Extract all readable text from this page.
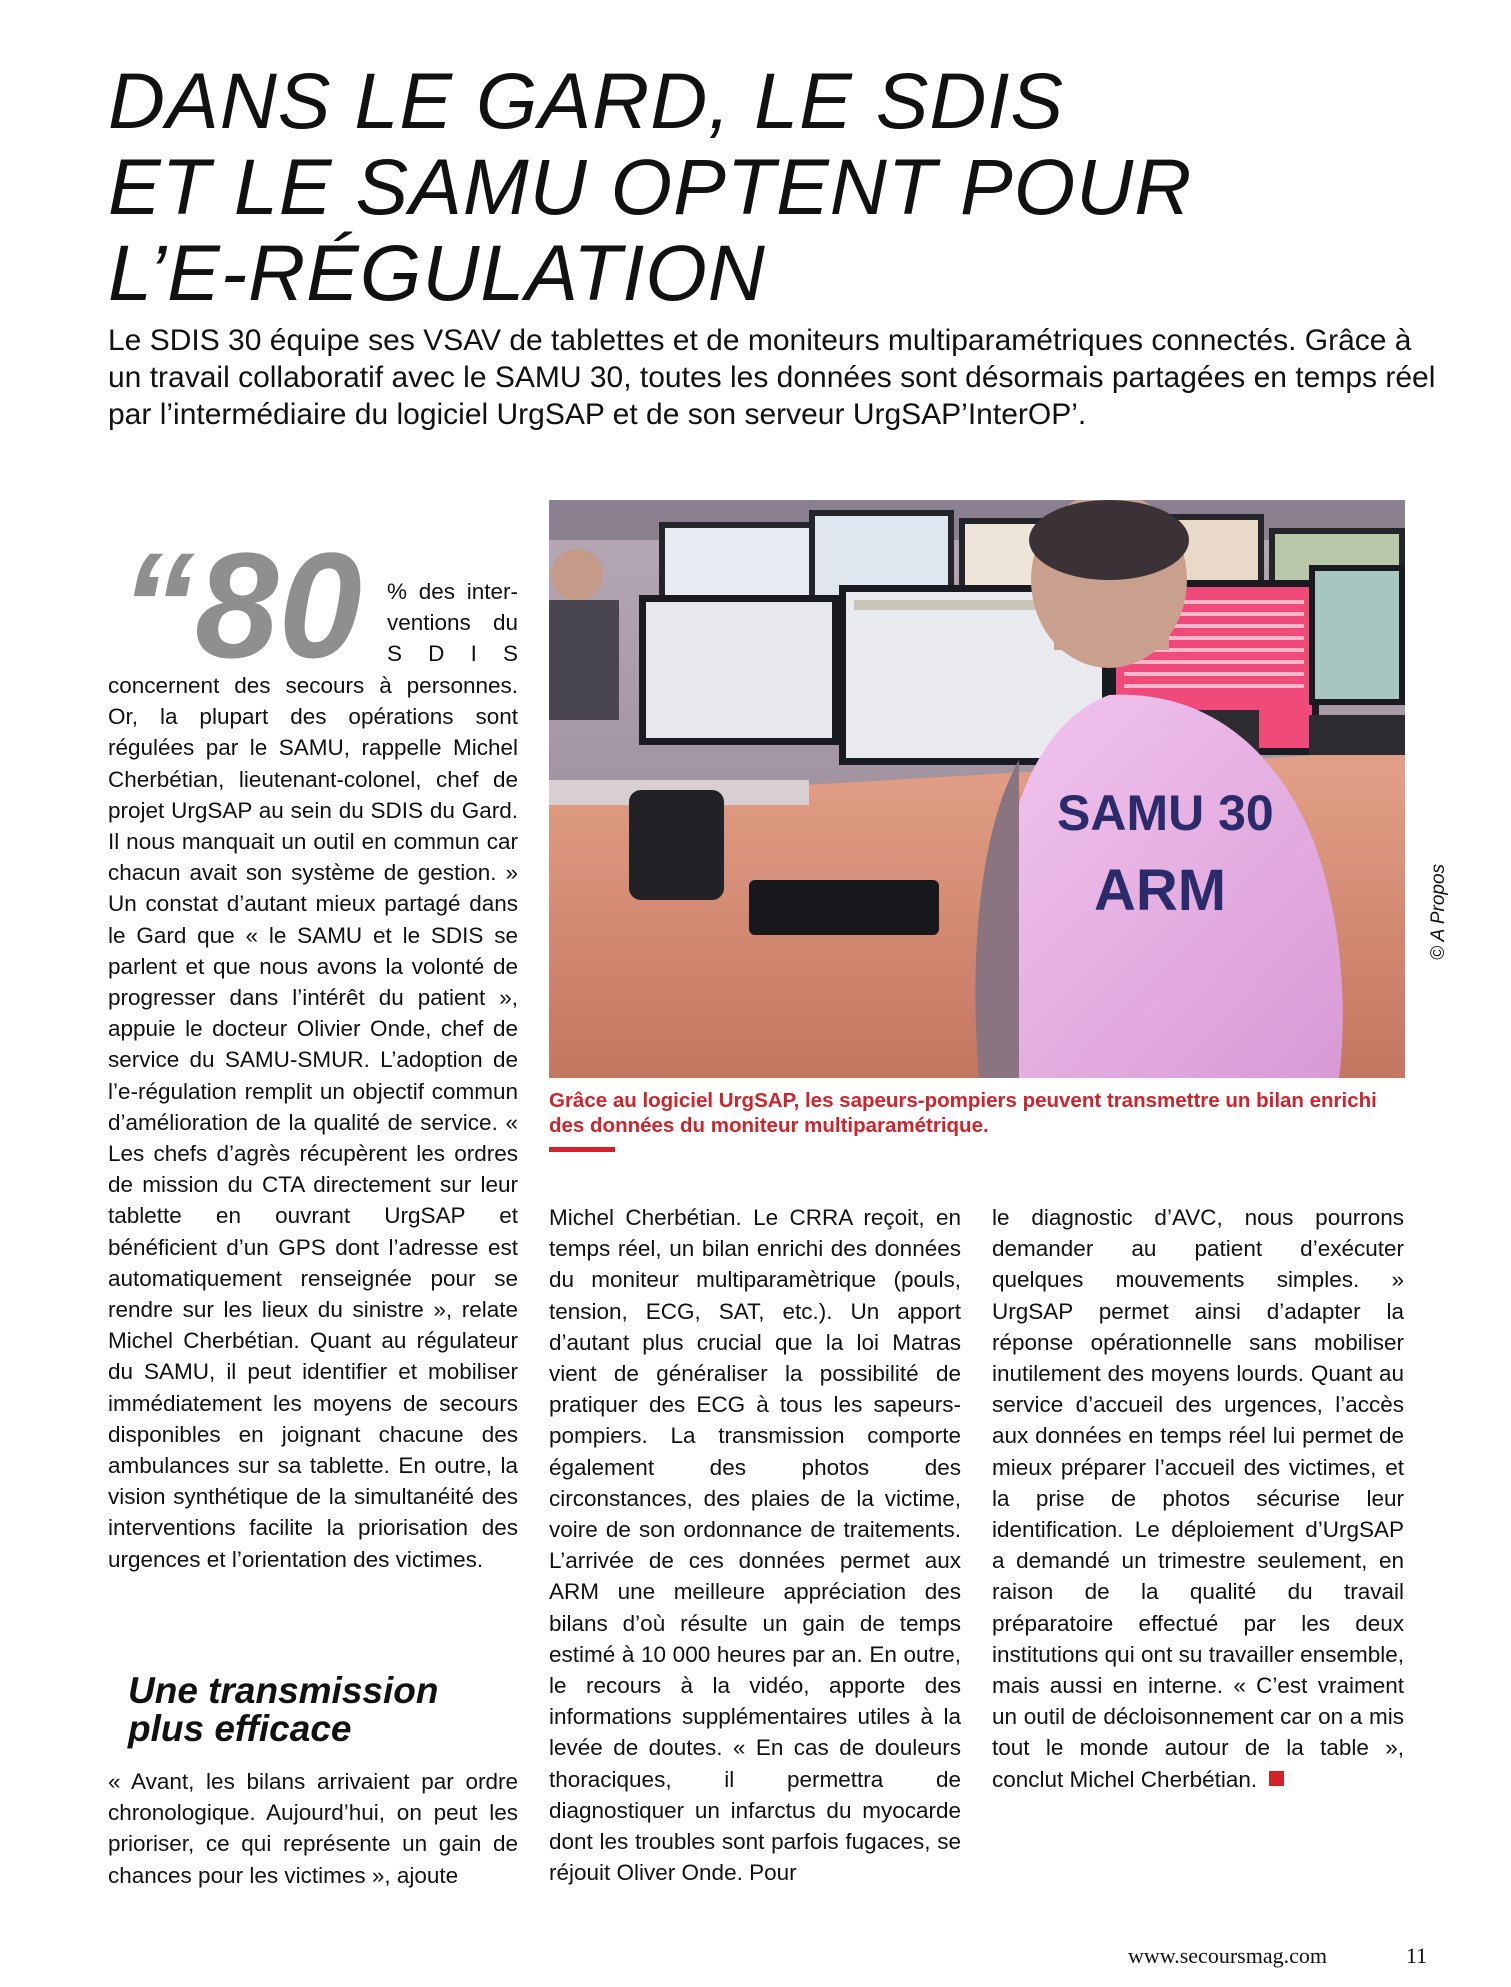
DANS LE GARD, LE SDIS
ET LE SAMU OPTENT POUR
L’E-RÉGULATION

Le SDIS 30 équipe ses VSAV de tablettes et de moniteurs multiparamétriques connectés. Grâce à un travail collaboratif avec le SAMU 30, toutes les données sont désormais partagées en temps réel par l’intermédiaire du logiciel UrgSAP et de son serveur UrgSAP’InterOP’.

“80 % des inter-
ventions du
S D I S

concernent des secours à personnes. Or, la plupart des opérations sont régulées par le SAMU, rappelle Michel Cherbétian, lieutenant-colonel, chef de projet UrgSAP au sein du SDIS du Gard. Il nous manquait un outil en commun car chacun avait son système de gestion. » Un constat d’autant mieux partagé dans le Gard que « le SAMU et le SDIS se parlent et que nous avons la volonté de progresser dans l’intérêt du patient », appuie le docteur Olivier Onde, chef de service du SAMU-SMUR. L’adoption de l’e-régulation remplit un objectif commun d’amélioration de la qualité de service. « Les chefs d’agrès récupèrent les ordres de mission du CTA directement sur leur tablette en ouvrant UrgSAP et bénéficient d’un GPS dont l’adresse est automatiquement renseignée pour se rendre sur les lieux du sinistre », relate Michel Cherbétian. Quant au régulateur du SAMU, il peut identifier et mobiliser immédiatement les moyens de secours disponibles en joignant chacune des ambulances sur sa tablette. En outre, la vision synthétique de la simultanéité des interventions facilite la priorisation des urgences et l’orientation des victimes.

Une transmission
plus efficace

« Avant, les bilans arrivaient par ordre chronologique. Aujourd’hui, on peut les prioriser, ce qui représente un gain de chances pour les victimes », ajoute

SAMU 30
ARM	© A Propos

Grâce au logiciel UrgSAP, les sapeurs-pompiers peuvent transmettre un bilan enrichi des données du moniteur multiparamétrique.

Michel Cherbétian. Le CRRA reçoit, en temps réel, un bilan enrichi des données du moniteur multiparamètrique (pouls, tension, ECG, SAT, etc.). Un apport d’autant plus crucial que la loi Matras vient de généraliser la possibilité de pratiquer des ECG à tous les sapeurs-pompiers. La transmission comporte également des photos des circonstances, des plaies de la victime, voire de son ordonnance de traitements. L’arrivée de ces données permet aux ARM une meilleure appréciation des bilans d’où résulte un gain de temps estimé à 10 000 heures par an. En outre, le recours à la vidéo, apporte des informations supplémentaires utiles à la levée de doutes. « En cas de douleurs thoraciques, il permettra de diagnostiquer un infarctus du myocarde dont les troubles sont parfois fugaces, se réjouit Oliver Onde. Pour

le diagnostic d’AVC, nous pourrons demander au patient d’exécuter quelques mouvements simples. » UrgSAP permet ainsi d’adapter la réponse opérationnelle sans mobiliser inutilement des moyens lourds. Quant au service d’accueil des urgences, l’accès aux données en temps réel lui permet de mieux préparer l’accueil des victimes, et la prise de photos sécurise leur identification. Le déploiement d’UrgSAP a demandé un trimestre seulement, en raison de la qualité du travail préparatoire effectué par les deux institutions qui ont su travailler ensemble, mais aussi en interne. « C’est vraiment un outil de décloisonnement car on a mis tout le monde autour de la table », conclut Michel Cherbétian.

www.secoursmag.com	11
